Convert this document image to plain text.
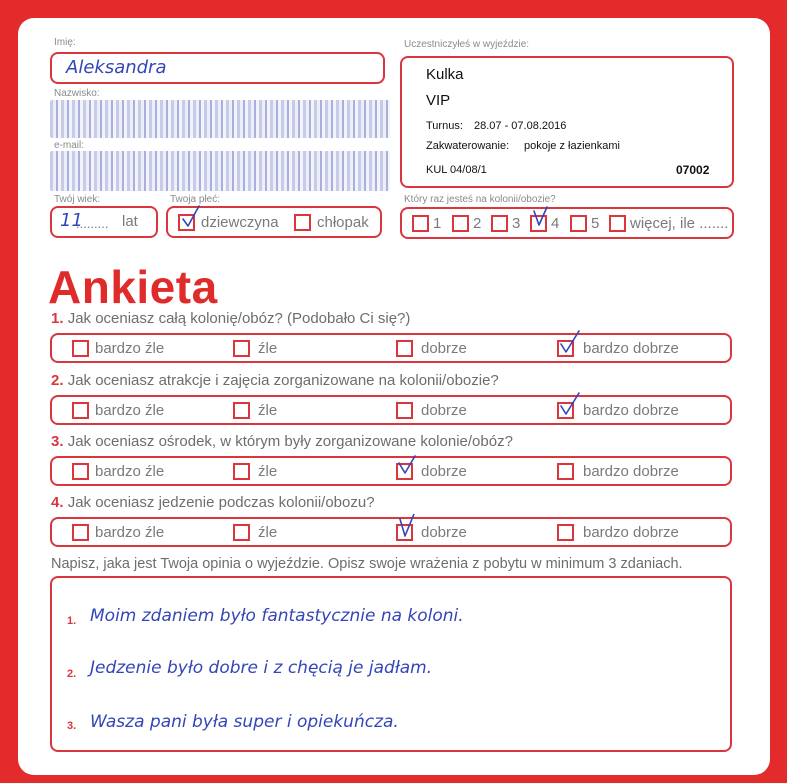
Imię:
Aleksandra
Nazwisko:
e-mail:
Twój wiek:
11
......... lat
Twoja płeć:
dziewczyna	chłopak
Uczestniczyłeś w wyjeździe:
Kulka
VIP
Turnus: 28.07 - 07.08.2016
Zakwaterowanie: pokoje z łazienkami
KUL 04/08/1	07002
Który raz jesteś na kolonii/obozie?
1 2 3 4 5 więcej, ile .......
Ankieta
1. Jak oceniasz całą kolonię/obóz? (Podobało Ci się?)
bardzo źle	źle	dobrze	bardzo dobrze
2. Jak oceniasz atrakcje i zajęcia zorganizowane na kolonii/obozie?
bardzo źle	źle	dobrze	bardzo dobrze
3. Jak oceniasz ośrodek, w którym były zorganizowane kolonie/obóz?
bardzo źle	źle	dobrze	bardzo dobrze
4. Jak oceniasz jedzenie podczas kolonii/obozu?
bardzo źle	źle	dobrze	bardzo dobrze
Napisz, jaka jest Twoja opinia o wyjeździe. Opisz swoje wrażenia z pobytu w minimum 3 zdaniach.
1. Moim zdaniem było fantastycznie na koloni.
2. Jedzenie było dobre i z chęcią je jadłam.
3. Wasza pani była super i opiekuńcza.
